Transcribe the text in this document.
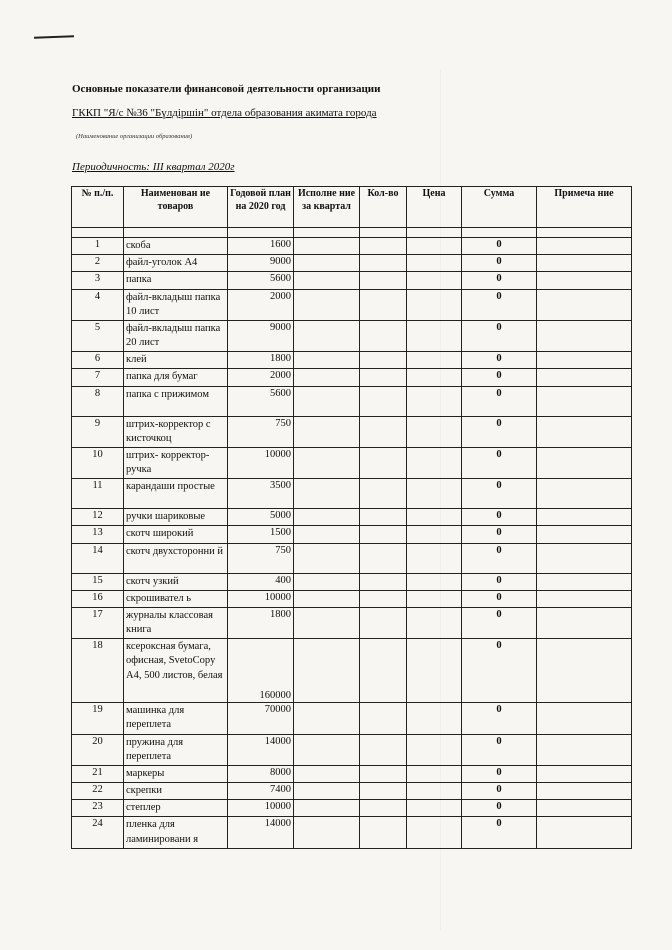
Основные показатели финансовой деятельности организации
ГККП "Я/с №36 "Бүлдіршін" отдела образования акимата города
(Наименование организации образования)
Периодичность: III квартал 2020г
№ п./п.	Наименован ие товаров	Годовой план на 2020 год	Исполне ние за квартал	Кол-во	Цена	Сумма	Примеча ние

1	скоба	1600				0	
2	файл-уголок А4	9000				0	
3	папка	5600				0	
4	файл-вкладыш папка 10 лист	2000				0	
5	файл-вкладыш папка 20 лист	9000				0	
6	клей	1800				0	
7	папка для бумаг	2000				0	
8	папка с прижимом	5600				0	
9	штрих-корректор с кисточкоц	750				0	
10	штрих- корректор-ручка	10000				0	
11	карандаши простые	3500				0	
12	ручки шариковые	5000				0	
13	скотч широкий	1500				0	
14	скотч двухсторонни й	750				0	
15	скотч узкий	400				0	
16	скрошивател ь	10000				0	
17	журналы классовая книга	1800				0	
18	ксероксная бумага, офисная, SvetoCopy A4, 500 листов, белая	160000				0	
19	машинка для переплета	70000				0	
20	пружина для переплета	14000				0	
21	маркеры	8000				0	
22	скрепки	7400				0	
23	степлер	10000				0	
24	пленка для ламинировани я	14000				0	
